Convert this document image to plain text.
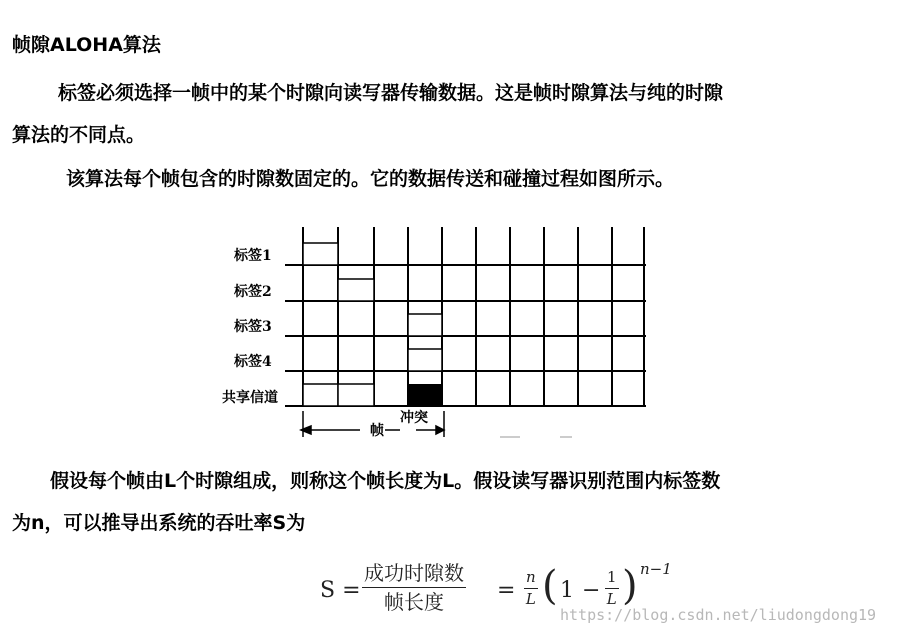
帧隙ALOHA算法
标签必须选择一帧中的某个时隙向读写器传输数据。这是帧时隙算法与纯的时隙
算法的不同点。
该算法每个帧包含的时隙数固定的。它的数据传送和碰撞过程如图所示。
标签1
标签2
标签3
标签4
共享信道
帧
冲突
假设每个帧由L个时隙组成，则称这个帧长度为L。假设读写器识别范围内标签数
为n，可以推导出系统的吞吐率S为
S =
成功时隙数
帧长度	= $\frac{n}{L}$ ( $1 - \frac{1}{L}$ ) n−1
https://blog.csdn.net/liudongdong19
